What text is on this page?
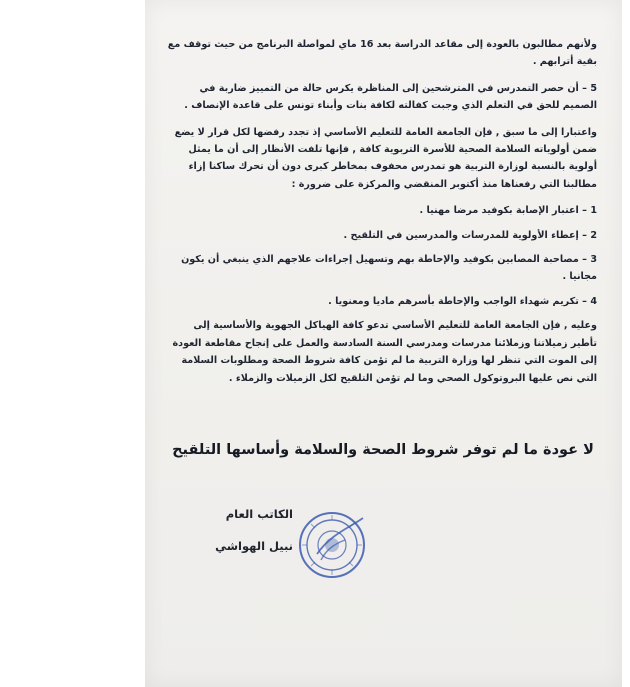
ولأنهم مطالبون بالعودة إلى مقاعد الدراسة بعد 16 ماي لمواصلة البرنامج من حيث توقف مع بقية أترابهم .

5 – أن حصر التمدرس في المترشحين إلى المناظرة يكرس حالة من التمييز ضاربة في الصميم للحق في التعلم الذي وجبت كفالته لكافة بنات وأبناء تونس على قاعدة الإنصاف .

واعتبارا إلى ما سبق , فإن الجامعة العامة للتعليم الأساسي إذ تجدد رفضها لكل قرار لا يضع ضمن أولوياته السلامة الصحية للأسرة التربوية كافة , فإنها تلفت الأنظار إلى أن ما يمثل أولوية بالنسبة لوزارة التربية هو تمدرس محفوف بمخاطر كبرى دون أن تحرك ساكنا إزاء مطالبنا التي رفعناها منذ أكتوبر المنقضي والمركزة على ضرورة :

1 – اعتبار الإصابة بكوفيد مرضا مهنيا .

2 – إعطاء الأولوية للمدرسات والمدرسين في التلقيح .

3 – مصاحبة المصابين بكوفيد والإحاطة بهم وتسهيل إجراءات علاجهم الذي ينبغي أن يكون مجانيا .

4 – تكريم شهداء الواجب والإحاطة بأسرهم ماديا ومعنويا .

وعليه , فإن الجامعة العامة للتعليم الأساسي تدعو كافة الهياكل الجهوية والأساسية إلى تأطير زميلاتنا وزملائنا مدرسات ومدرسي السنة السادسة والعمل على إنجاح مقاطعة العودة إلى الموت التي تنظر لها وزارة التربية ما لم تؤمن كافة شروط الصحة ومطلوبات السلامة التي نص عليها البروتوكول الصحي وما لم تؤمن التلقيح لكل الزميلات والزملاء .

لا عودة ما لم توفر شروط الصحة والسلامة وأساسها التلقيح
الكاتب العام
نبيل الهواشي
